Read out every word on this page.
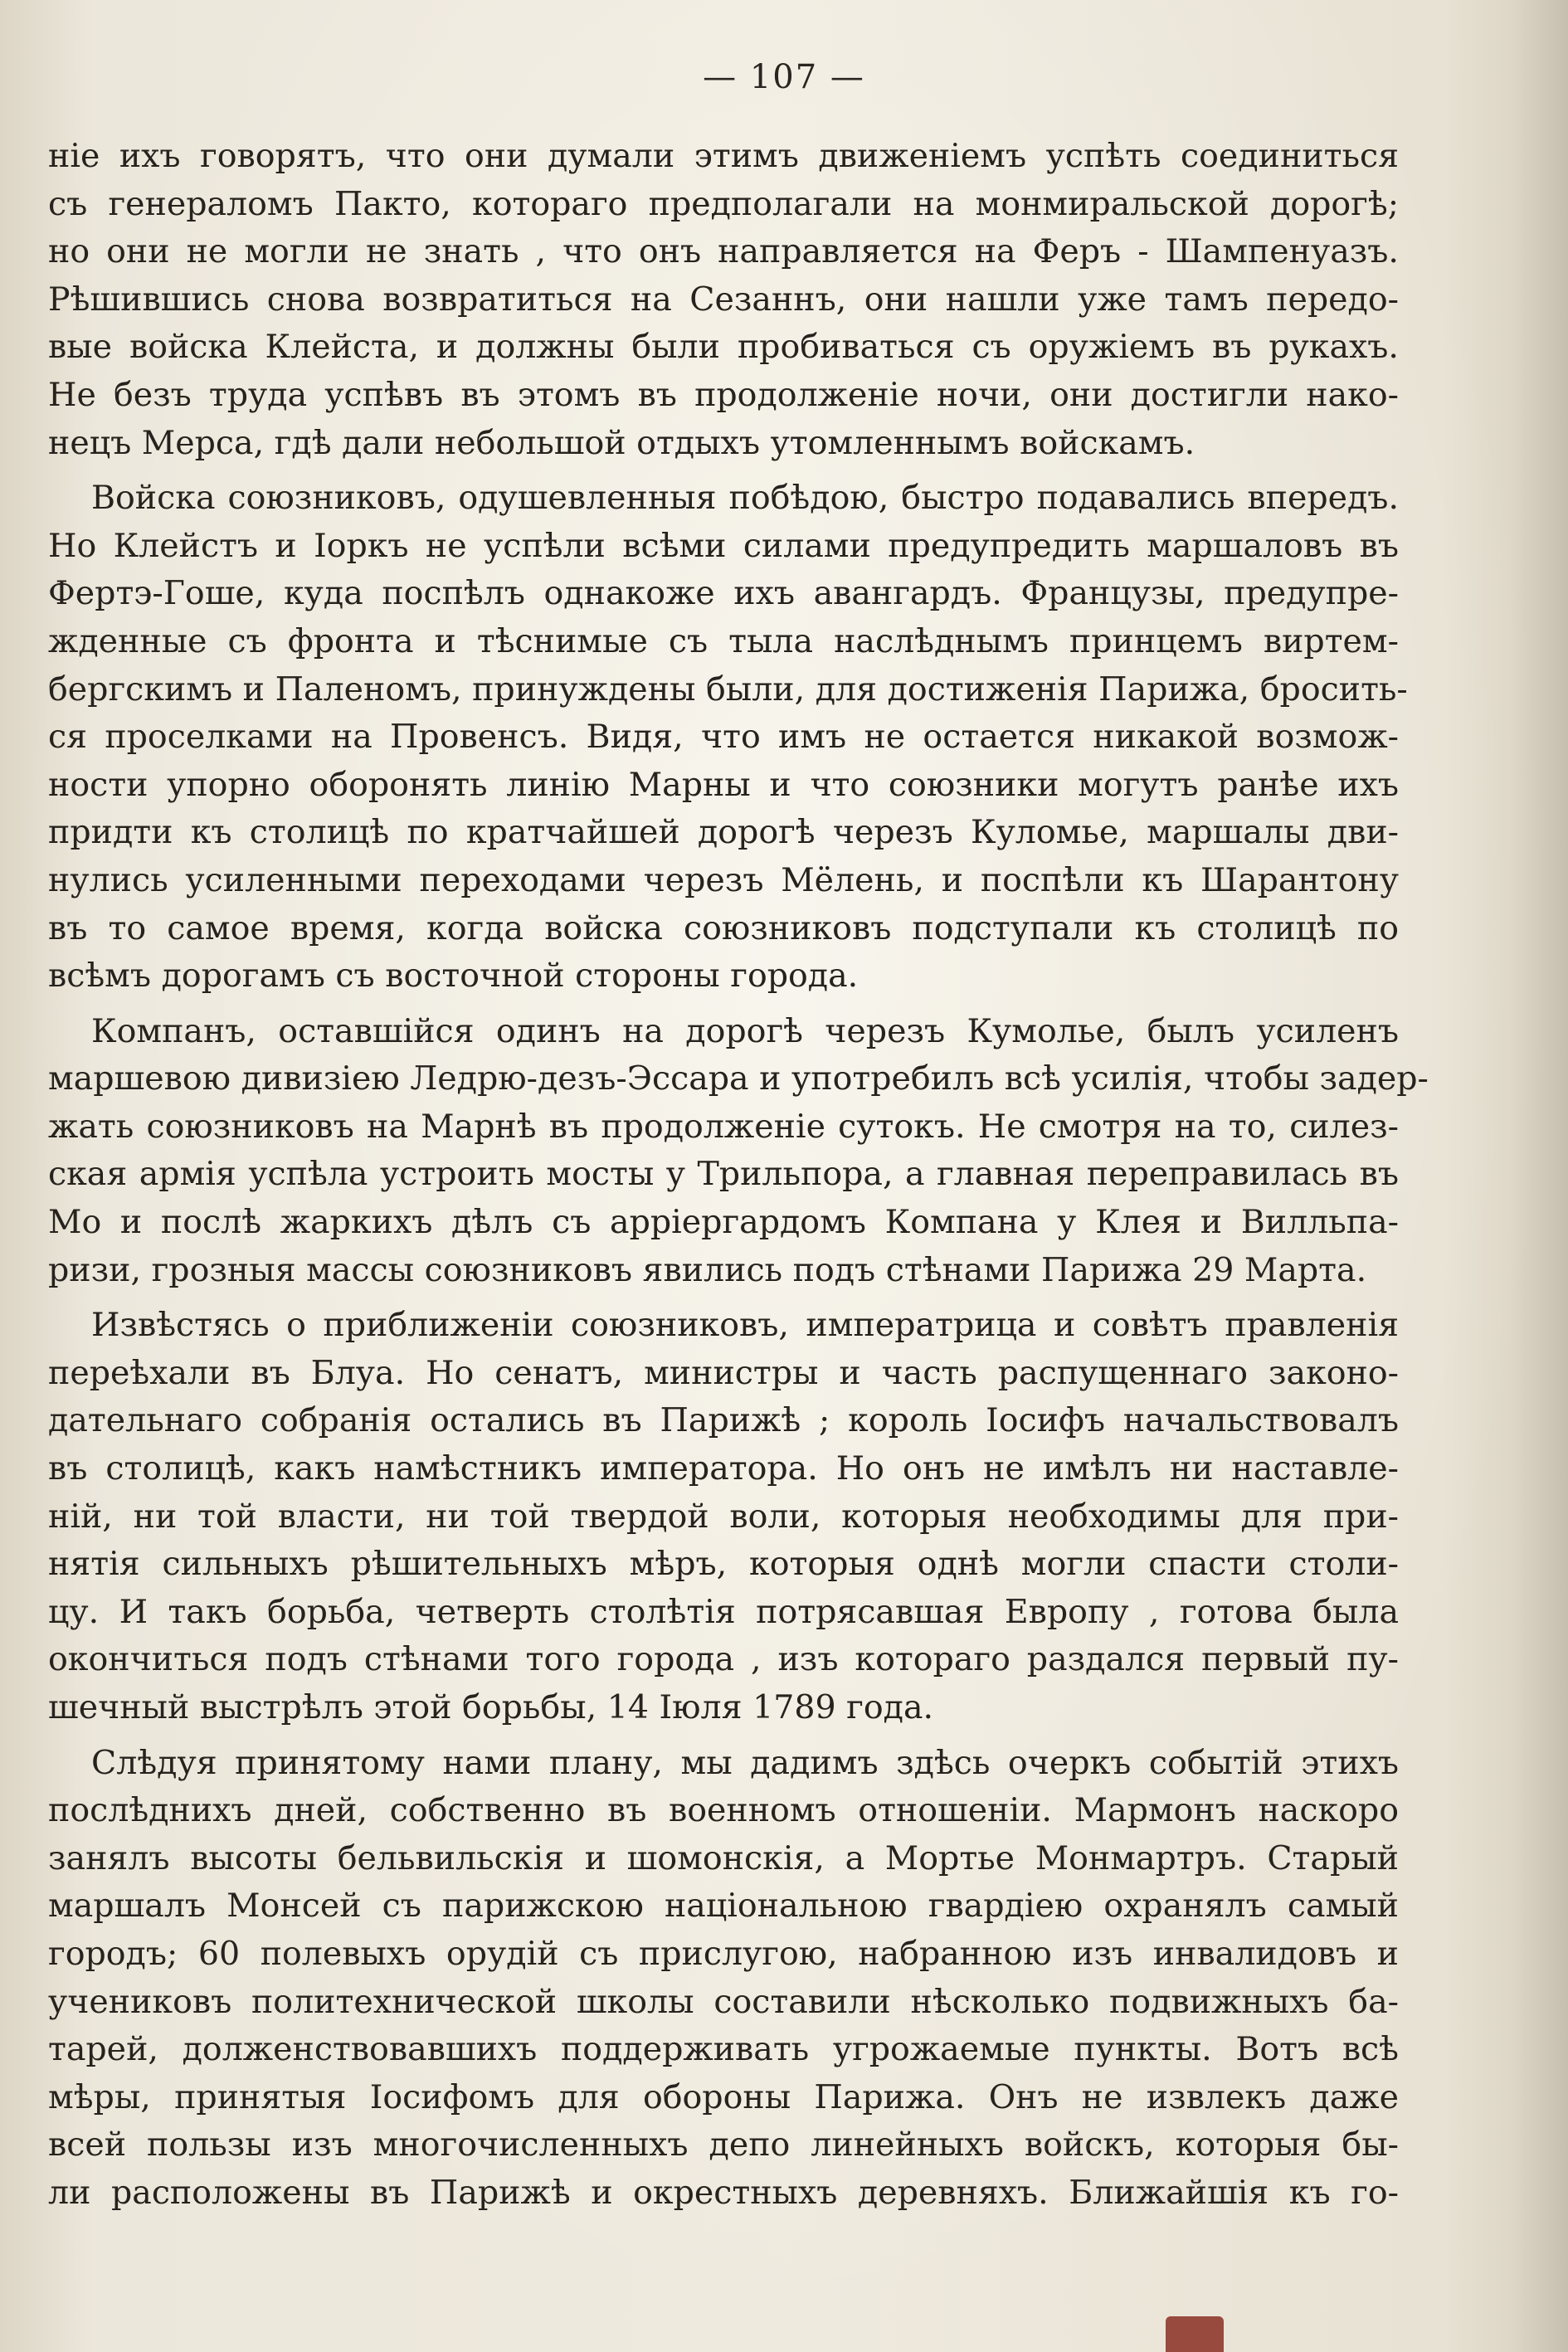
— 107 —
ніе ихъ говорятъ, что они думали этимъ движеніемъ успѣть соединиться
съ генераломъ Пакто, котораго предполагали на монмиральской дорогѣ;
но они не могли не знать , что онъ направляется на Феръ - Шампенуазъ.
Рѣшившись снова возвратиться на Сезаннъ, они нашли уже тамъ передо-
вые войска Клейста, и должны были пробиваться съ оружіемъ въ рукахъ.
Не безъ труда успѣвъ въ этомъ въ продолженіе ночи, они достигли нако-
нецъ Мерса, гдѣ дали небольшой отдыхъ утомленнымъ войскамъ.
Войска союзниковъ, одушевленныя побѣдою, быстро подавались впередъ.
Но Клейстъ и Іоркъ не успѣли всѣми силами предупредить маршаловъ въ
Фертэ-Гоше, куда поспѣлъ однакоже ихъ авангардъ. Французы, предупре-
жденные съ фронта и тѣснимые съ тыла наслѣднымъ принцемъ виртем-
бергскимъ и Паленомъ, принуждены были, для достиженія Парижа, бросить-
ся проселками на Провенсъ. Видя, что имъ не остается никакой возмож-
ности упорно оборонять линію Марны и что союзники могутъ ранѣе ихъ
придти къ столицѣ по кратчайшей дорогѣ черезъ Куломье, маршалы дви-
нулись усиленными переходами черезъ Мёлень, и поспѣли къ Шарантону
въ то самое время, когда войска союзниковъ подступали къ столицѣ по
всѣмъ дорогамъ съ восточной стороны города.
Компанъ, оставшійся одинъ на дорогѣ черезъ Кумолье, былъ усиленъ
маршевою дивизіею Ледрю-дезъ-Эссара и употребилъ всѣ усилія, чтобы задер-
жать союзниковъ на Марнѣ въ продолженіе сутокъ. Не смотря на то, силез-
ская армія успѣла устроить мосты у Трильпора, а главная переправилась въ
Мо и послѣ жаркихъ дѣлъ съ арріергардомъ Компана у Клея и Вилльпа-
ризи, грозныя массы союзниковъ явились подъ стѣнами Парижа 29 Марта.
Извѣстясь о приближеніи союзниковъ, императрица и совѣтъ правленія
переѣхали въ Блуа. Но сенатъ, министры и часть распущеннаго законо-
дательнаго собранія остались въ Парижѣ ; король Іосифъ начальствовалъ
въ столицѣ, какъ намѣстникъ императора. Но онъ не имѣлъ ни наставле-
ній, ни той власти, ни той твердой воли, которыя необходимы для при-
нятія сильныхъ рѣшительныхъ мѣръ, которыя однѣ могли спасти столи-
цу. И такъ борьба, четверть столѣтія потрясавшая Европу , готова была
окончиться подъ стѣнами того города , изъ котораго раздался первый пу-
шечный выстрѣлъ этой борьбы, 14 Іюля 1789 года.
Слѣдуя принятому нами плану, мы дадимъ здѣсь очеркъ событій этихъ
послѣднихъ дней, собственно въ военномъ отношеніи. Мармонъ наскоро
занялъ высоты бельвильскія и шомонскія, а Мортье Монмартръ. Старый
маршалъ Монсей съ парижскою національною гвардіею охранялъ самый
городъ; 60 полевыхъ орудій съ прислугою, набранною изъ инвалидовъ и
учениковъ политехнической школы составили нѣсколько подвижныхъ ба-
тарей, долженствовавшихъ поддерживать угрожаемые пункты. Вотъ всѣ
мѣры, принятыя Іосифомъ для обороны Парижа. Онъ не извлекъ даже
всей пользы изъ многочисленныхъ депо линейныхъ войскъ, которыя бы-
ли расположены въ Парижѣ и окрестныхъ деревняхъ. Ближайшія къ го-
